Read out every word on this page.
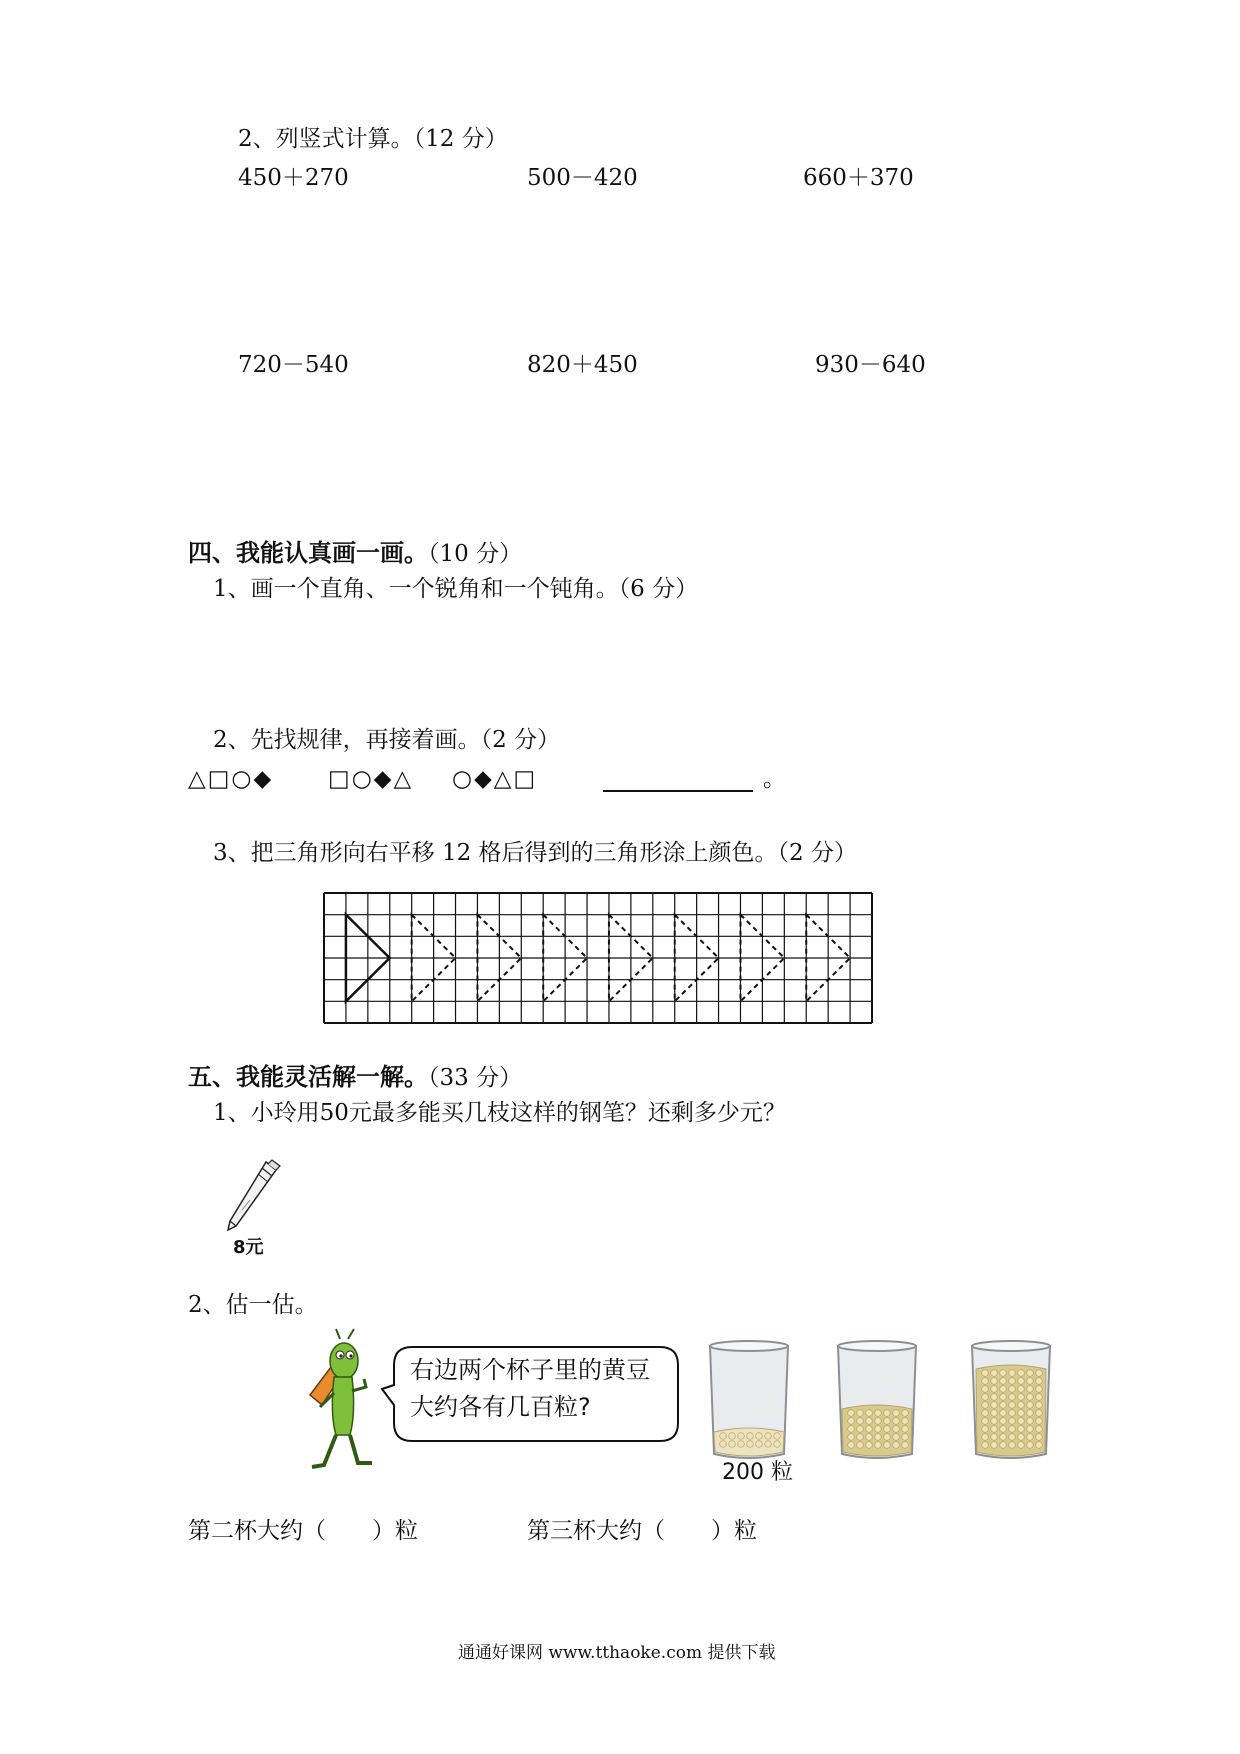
2、列竖式计算。（12 分）
450＋270	500－420	660＋370
720－540	820＋450	930－640
四、我能认真画一画。（10 分）
1、画一个直角、一个锐角和一个钝角。（6 分）
2、先找规律，再接着画。（2 分）
△□○◆ □○◆△ ○◆△□	。
3、把三角形向右平移 12 格后得到的三角形涂上颜色。（2 分）
五、我能灵活解一解。（33 分）
1、小玲用50元最多能买几枝这样的钢笔？还剩多少元？
8元
2、估一估。
右边两个杯子里的黄豆
大约各有几百粒?
200 粒
第二杯大约（　　）粒	第三杯大约（　　）粒
通通好课网 www.tthaoke.com 提供下载
